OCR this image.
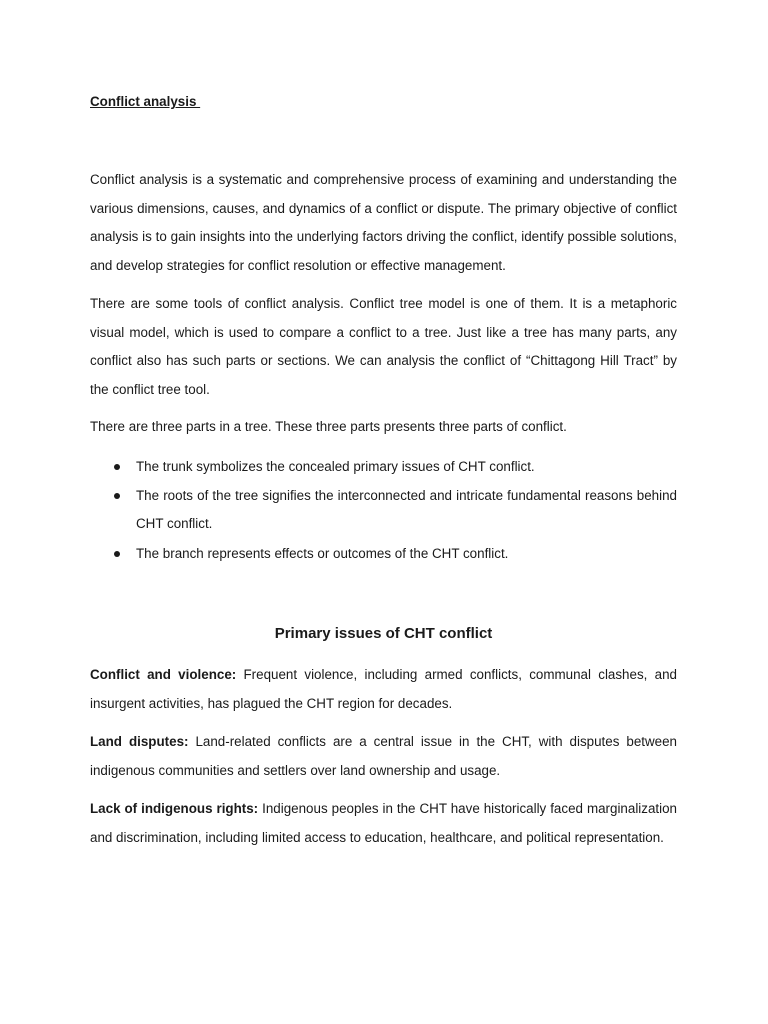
Conflict analysis

Conflict analysis is a systematic and comprehensive process of examining and understanding the various dimensions, causes, and dynamics of a conflict or dispute. The primary objective of conflict analysis is to gain insights into the underlying factors driving the conflict, identify possible solutions, and develop strategies for conflict resolution or effective management.

There are some tools of conflict analysis. Conflict tree model is one of them. It is a metaphoric visual model, which is used to compare a conflict to a tree. Just like a tree has many parts, any conflict also has such parts or sections. We can analysis the conflict of “Chittagong Hill Tract” by the conflict tree tool.

There are three parts in a tree. These three parts presents three parts of conflict.

The trunk symbolizes the concealed primary issues of CHT conflict.
The roots of the tree signifies the interconnected and intricate fundamental reasons behind CHT conflict.
The branch represents effects or outcomes of the CHT conflict.
Primary issues of CHT conflict

Conflict and violence: Frequent violence, including armed conflicts, communal clashes, and insurgent activities, has plagued the CHT region for decades.

Land disputes: Land-related conflicts are a central issue in the CHT, with disputes between indigenous communities and settlers over land ownership and usage.

Lack of indigenous rights: Indigenous peoples in the CHT have historically faced marginalization and discrimination, including limited access to education, healthcare, and political representation.
